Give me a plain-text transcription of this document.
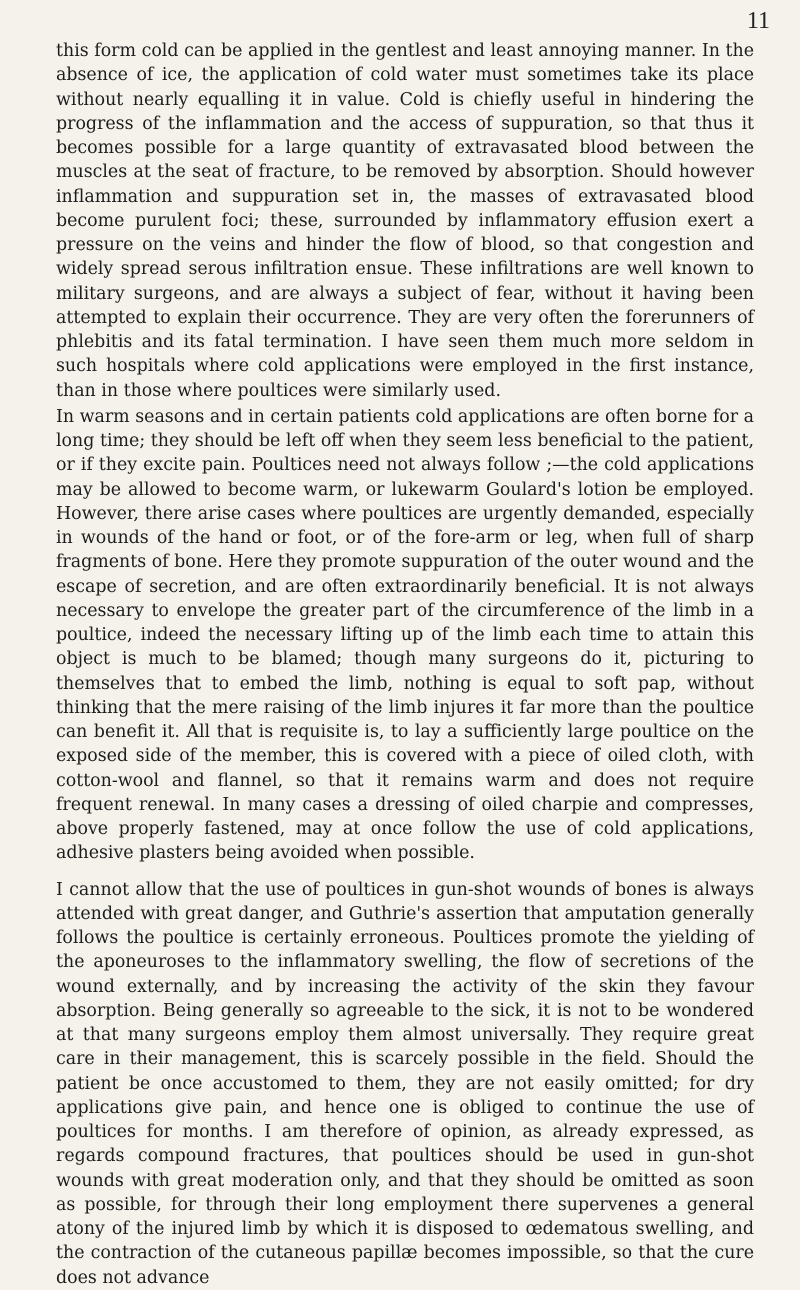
11

this form cold can be applied in the gentlest and least annoying manner. In the absence of ice, the application of cold water must sometimes take its place without nearly equalling it in value. Cold is chiefly useful in hindering the progress of the inflammation and the access of suppuration, so that thus it becomes possible for a large quantity of extravasated blood between the muscles at the seat of fracture, to be removed by absorption. Should however inflammation and suppuration set in, the masses of extravasated blood become purulent foci; these, surrounded by inflammatory effusion exert a pressure on the veins and hinder the flow of blood, so that congestion and widely spread serous infiltration ensue. These infiltrations are well known to military surgeons, and are always a subject of fear, without it having been attempted to explain their occurrence. They are very often the forerunners of phlebitis and its fatal termination. I have seen them much more seldom in such hospitals where cold applications were employed in the first instance, than in those where poultices were similarly used.

In warm seasons and in certain patients cold applications are often borne for a long time; they should be left off when they seem less beneficial to the patient, or if they excite pain. Poultices need not always follow ;—the cold applications may be allowed to become warm, or lukewarm Goulard's lotion be employed. However, there arise cases where poultices are urgently demanded, especially in wounds of the hand or foot, or of the fore-arm or leg, when full of sharp fragments of bone. Here they promote suppuration of the outer wound and the escape of secretion, and are often extraordinarily beneficial. It is not always necessary to envelope the greater part of the circumference of the limb in a poultice, indeed the necessary lifting up of the limb each time to attain this object is much to be blamed; though many surgeons do it, picturing to themselves that to embed the limb, nothing is equal to soft pap, without thinking that the mere raising of the limb injures it far more than the poultice can benefit it. All that is requisite is, to lay a sufficiently large poultice on the exposed side of the member, this is covered with a piece of oiled cloth, with cotton-wool and flannel, so that it remains warm and does not require frequent renewal. In many cases a dressing of oiled charpie and compresses, above properly fastened, may at once follow the use of cold applications, adhesive plasters being avoided when possible.

I cannot allow that the use of poultices in gun-shot wounds of bones is always attended with great danger, and Guthrie's assertion that amputation generally follows the poultice is certainly erroneous. Poultices promote the yielding of the aponeuroses to the inflammatory swelling, the flow of secretions of the wound externally, and by increasing the activity of the skin they favour absorption. Being generally so agreeable to the sick, it is not to be wondered at that many surgeons employ them almost universally. They require great care in their management, this is scarcely possible in the field. Should the patient be once accustomed to them, they are not easily omitted; for dry applications give pain, and hence one is obliged to continue the use of poultices for months. I am therefore of opinion, as already expressed, as regards compound fractures, that poultices should be used in gun-shot wounds with great moderation only, and that they should be omitted as soon as possible, for through their long employment there supervenes a general atony of the injured limb by which it is disposed to œdematous swelling, and the contraction of the cutaneous papillæ becomes impossible, so that the cure does not advance
